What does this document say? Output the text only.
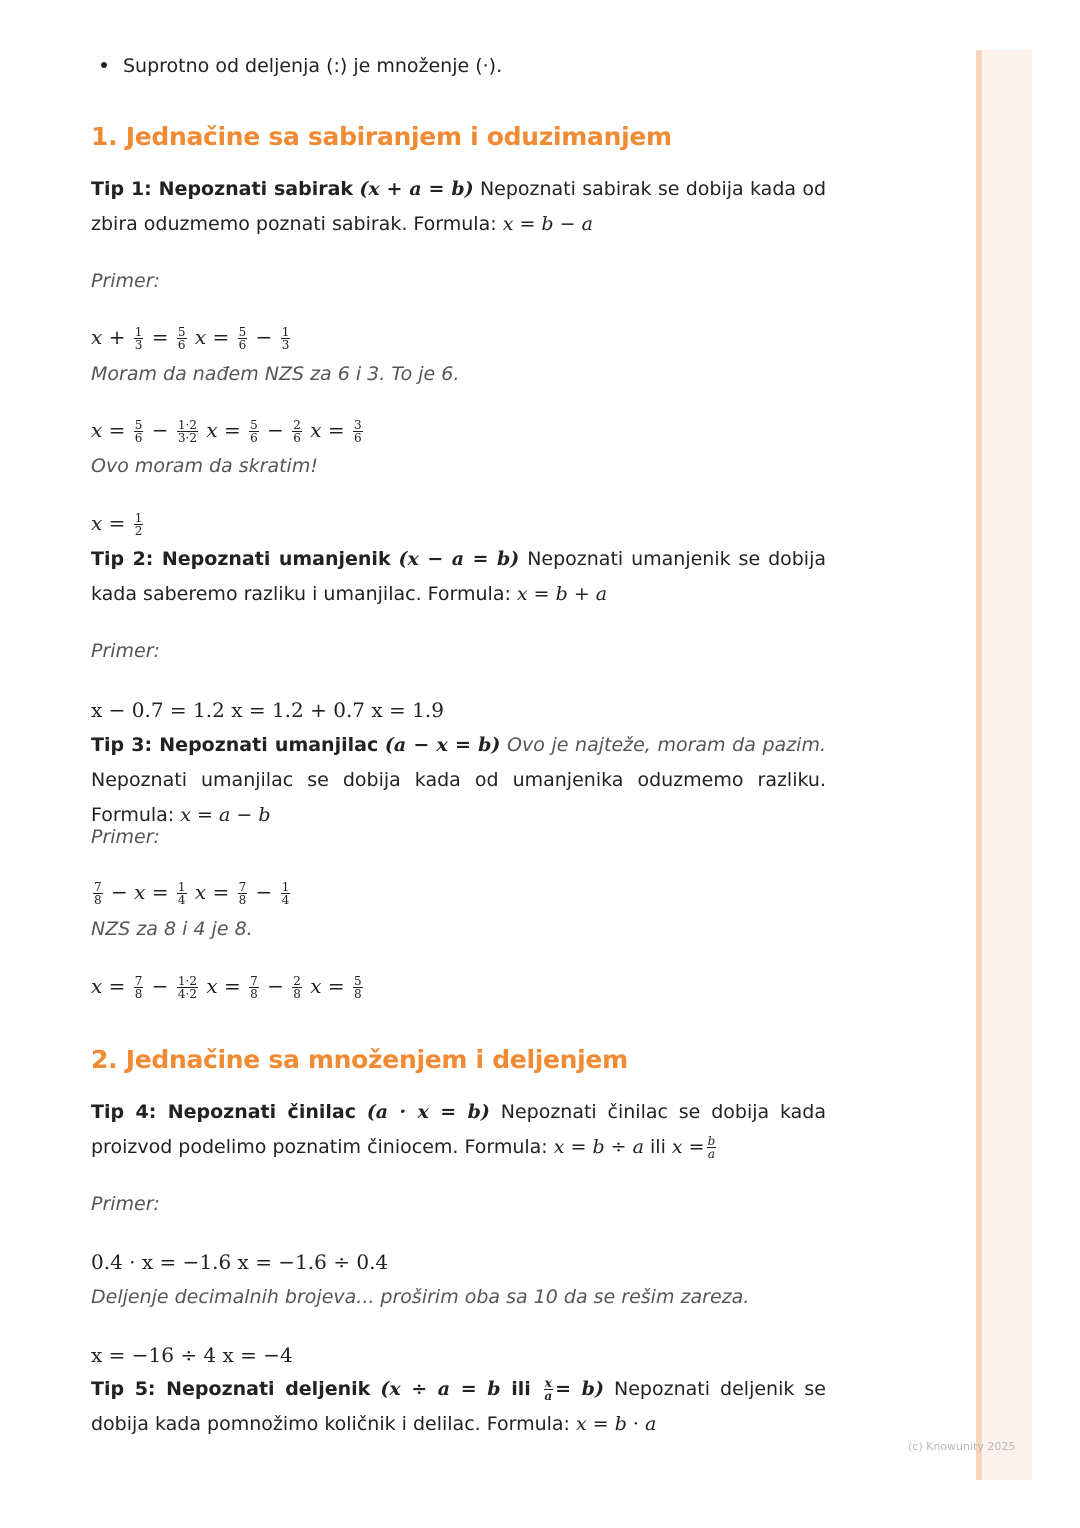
Suprotno od deljenja (:) je množenje (·).
1. Jednačine sa sabiranjem i oduzimanjem
Tip 1: Nepoznati sabirak (x + a = b) Nepoznati sabirak se dobija kada od zbira oduzmemo poznati sabirak. Formula: x = b − a
Primer:
$x + \frac{1}{3} = \frac{5}{6}$ $x = \frac{5}{6} - \frac{1}{3}$
Moram da nađem NZS za 6 i 3. To je 6.
$x = \frac{5}{6} - \frac{1\cdot 2}{3\cdot 2}$ $x = \frac{5}{6} - \frac{2}{6}$ $x = \frac{3}{6}$
Ovo moram da skratim!
$x = \frac{1}{2}$
Tip 2: Nepoznati umanjenik (x − a = b) Nepoznati umanjenik se dobija kada saberemo razliku i umanjilac. Formula: x = b + a
Primer:
x − 0.7 = 1.2 x = 1.2 + 0.7 x = 1.9
Tip 3: Nepoznati umanjilac (a − x = b) Ovo je najteže, moram da pazim. Nepoznati umanjilac se dobija kada od umanjenika oduzmemo razliku. Formula: x = a − b
Primer:
$\frac{7}{8} - x = \frac{1}{4}$ $x = \frac{7}{8} - \frac{1}{4}$
NZS za 8 i 4 je 8.
$x = \frac{7}{8} - \frac{1\cdot 2}{4\cdot 2}$ $x = \frac{7}{8} - \frac{2}{8}$ $x = \frac{5}{8}$
2. Jednačine sa množenjem i deljenjem
Tip 4: Nepoznati činilac (a · x = b) Nepoznati činilac se dobija kada proizvod podelimo poznatim činiocem. Formula: x = b ÷ a ili $x = \frac{b}{a}$
Primer:
0.4 · x = −1.6 x = −1.6 ÷ 0.4
Deljenje decimalnih brojeva... proširim oba sa 10 da se rešim zareza.
x = −16 ÷ 4 x = −4
Tip 5: Nepoznati deljenik (x ÷ a = b ili $\frac{x}{a} = b$) Nepoznati deljenik se dobija kada pomnožimo količnik i delilac. Formula: x = b · a
(c) Knowunity 2025
